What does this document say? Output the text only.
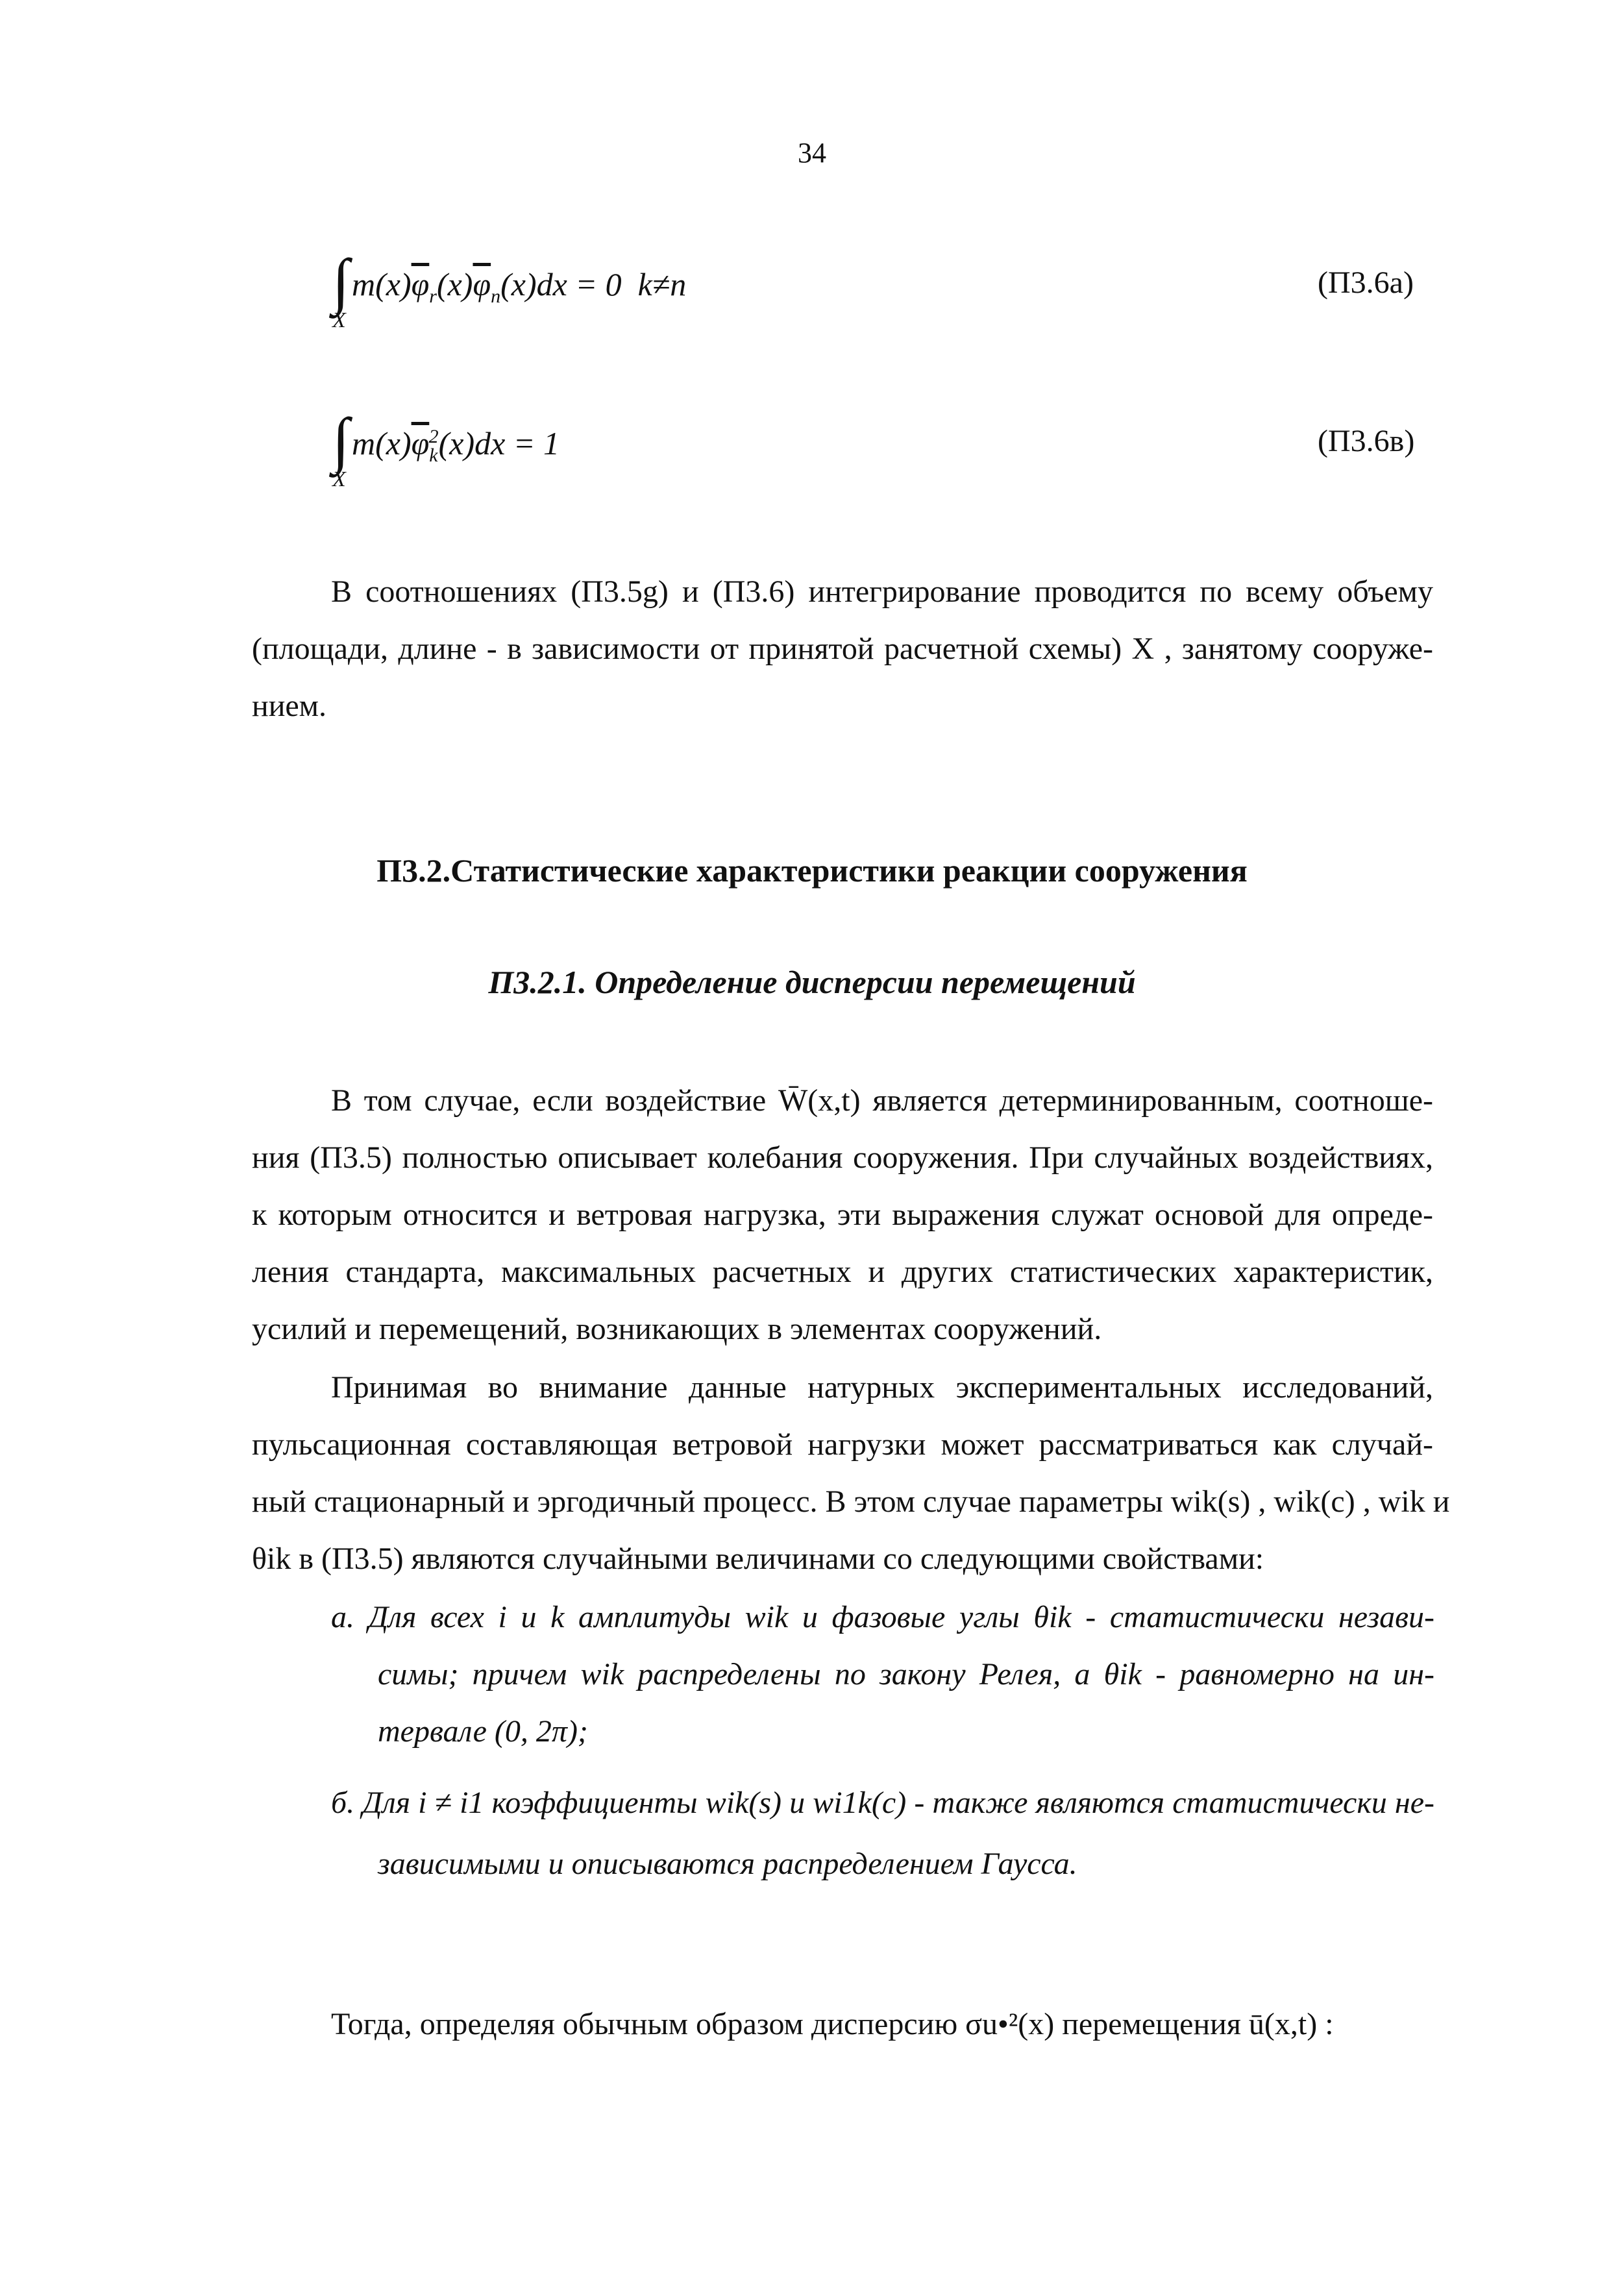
34
∫
X
$m(x)\overline{\varphi}_r(x)\overline{\varphi}_n(x)dx = 0$  k≠n	(П3.6a)
∫
X
$m(x)\overline{\varphi}_k^2(x)dx = 1$	(П3.6в)
В соотношениях (П3.5g) и (П3.6) интегрирование проводится по всему объему
(площади, длине - в зависимости от принятой расчетной схемы) X , занятому сооруже-
нием.
П3.2.Статистические характеристики реакции сооружения
П3.2.1. Определение дисперсии перемещений
В том случае, если воздействие W̄(x,t) является детерминированным, соотноше-
ния (П3.5) полностью описывает колебания сооружения. При случайных воздействиях,
к которым относится и ветровая нагрузка, эти выражения служат основой для опреде-
ления стандарта, максимальных расчетных и других статистических характеристик,
усилий и перемещений, возникающих в элементах сооружений.
Принимая во внимание данные натурных экспериментальных исследований,
пульсационная составляющая ветровой нагрузки может рассматриваться как случай-
ный стационарный и эргодичный процесс. В этом случае параметры wik(s) , wik(c) , wik и
θik в (П3.5) являются случайными величинами со следующими свойствами:
а. Для всех i и k амплитуды wik и фазовые углы θik - статистически незави-
симы; причем wik распределены по закону Релея, а θik - равномерно на ин-
тервале (0, 2π);
б. Для i ≠ i1 коэффициенты wik(s) и wi1k(c) - также являются статистически не-
зависимыми и описываются распределением Гаусса.
Тогда, определяя обычным образом дисперсию σu•²(x) перемещения ū(x,t) :
